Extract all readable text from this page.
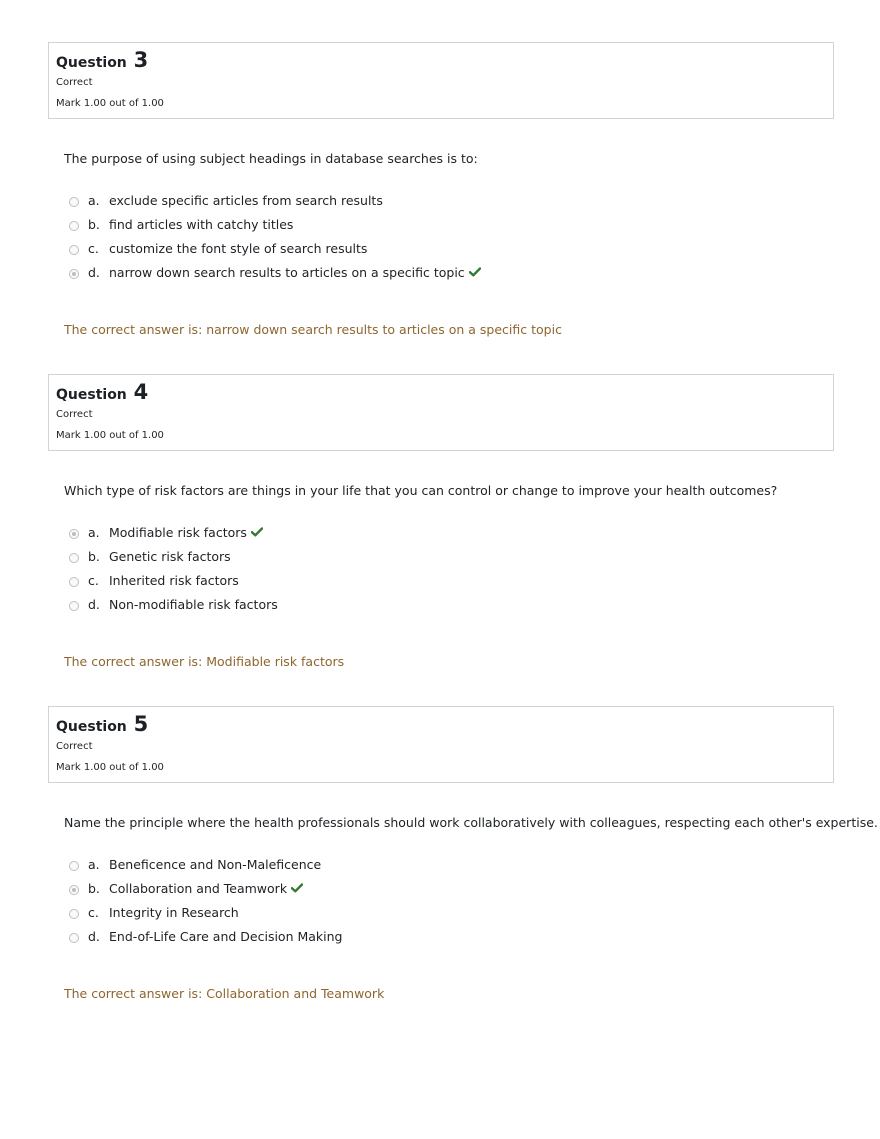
Question 3
Correct
Mark 1.00 out of 1.00
The purpose of using subject headings in database searches is to:
a. exclude specific articles from search results
b. find articles with catchy titles
c. customize the font style of search results
d. narrow down search results to articles on a specific topic
The correct answer is: narrow down search results to articles on a specific topic
Question 4
Correct
Mark 1.00 out of 1.00
Which type of risk factors are things in your life that you can control or change to improve your health outcomes?
a. Modifiable risk factors
b. Genetic risk factors
c. Inherited risk factors
d. Non-modifiable risk factors
The correct answer is: Modifiable risk factors
Question 5
Correct
Mark 1.00 out of 1.00
Name the principle where the health professionals should work collaboratively with colleagues, respecting each other's expertise.
a. Beneficence and Non-Maleficence
b. Collaboration and Teamwork
c. Integrity in Research
d. End-of-Life Care and Decision Making
The correct answer is: Collaboration and Teamwork
